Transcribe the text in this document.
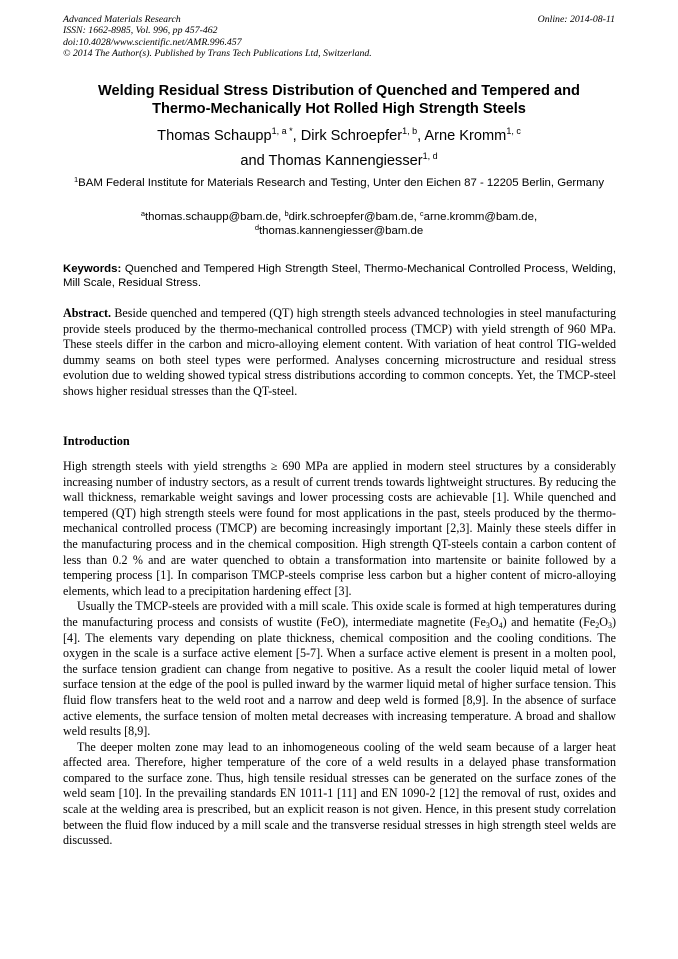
Advanced Materials Research	Online: 2014-08-11
ISSN: 1662-8985, Vol. 996, pp 457-462
doi:10.4028/www.scientific.net/AMR.996.457
© 2014 The Author(s). Published by Trans Tech Publications Ltd, Switzerland.
Welding Residual Stress Distribution of Quenched and Tempered and
Thermo-Mechanically Hot Rolled High Strength Steels
Thomas Schaupp$^{1, a *}$, Dirk Schroepfer$^{1, b}$, Arne Kromm$^{1, c}$
and Thomas Kannengiesser$^{1, d}$
$^1$BAM Federal Institute for Materials Research and Testing, Unter den Eichen 87 - 12205 Berlin, Germany
$^a$thomas.schaupp@bam.de, $^b$dirk.schroepfer@bam.de, $^c$arne.kromm@bam.de,
$^d$thomas.kannengiesser@bam.de
Keywords: Quenched and Tempered High Strength Steel, Thermo-Mechanical Controlled Process, Welding, Mill Scale, Residual Stress.
Abstract. Beside quenched and tempered (QT) high strength steels advanced technologies in steel manufacturing provide steels produced by the thermo-mechanical controlled process (TMCP) with yield strength of 960 MPa. These steels differ in the carbon and micro-alloying element content. With variation of heat control TIG-welded dummy seams on both steel types were performed. Analyses concerning microstructure and residual stress evolution due to welding showed typical stress distributions according to common concepts. Yet, the TMCP-steel shows higher residual stresses than the QT-steel.
Introduction

High strength steels with yield strengths ≥ 690 MPa are applied in modern steel structures by a considerably increasing number of industry sectors, as a result of current trends towards lightweight structures. By reducing the wall thickness, remarkable weight savings and lower processing costs are achievable [1]. While quenched and tempered (QT) high strength steels were found for most applications in the past, steels produced by the thermo-mechanical controlled process (TMCP) are becoming increasingly important [2,3]. Mainly these steels differ in the manufacturing process and in the chemical composition. High strength QT-steels contain a carbon content of less than 0.2 % and are water quenched to obtain a transformation into martensite or bainite followed by a tempering process [1]. In comparison TMCP-steels comprise less carbon but a higher content of micro-alloying elements, which lead to a precipitation hardening effect [3].

Usually the TMCP-steels are provided with a mill scale. This oxide scale is formed at high temperatures during the manufacturing process and consists of wustite (FeO), intermediate magnetite $(Fe_3O_4)$ and hematite $(Fe_2O_3)$ [4]. The elements vary depending on plate thickness, chemical composition and the cooling conditions. The oxygen in the scale is a surface active element [5-7]. When a surface active element is present in a molten pool, the surface tension gradient can change from negative to positive. As a result the cooler liquid metal of lower surface tension at the edge of the pool is pulled inward by the warmer liquid metal of higher surface tension. This fluid flow transfers heat to the weld root and a narrow and deep weld is formed [8,9]. In the absence of surface active elements, the surface tension of molten metal decreases with increasing temperature. A broad and shallow weld results [8,9].

The deeper molten zone may lead to an inhomogeneous cooling of the weld seam because of a larger heat affected area. Therefore, higher temperature of the core of a weld results in a delayed phase transformation compared to the surface zone. Thus, high tensile residual stresses can be generated on the surface zones of the weld seam [10]. In the prevailing standards EN 1011-1 [11] and EN 1090-2 [12] the removal of rust, oxides and scale at the welding area is prescribed, but an explicit reason is not given. Hence, in this present study correlation between the fluid flow induced by a mill scale and the transverse residual stresses in high strength steel welds are discussed.
